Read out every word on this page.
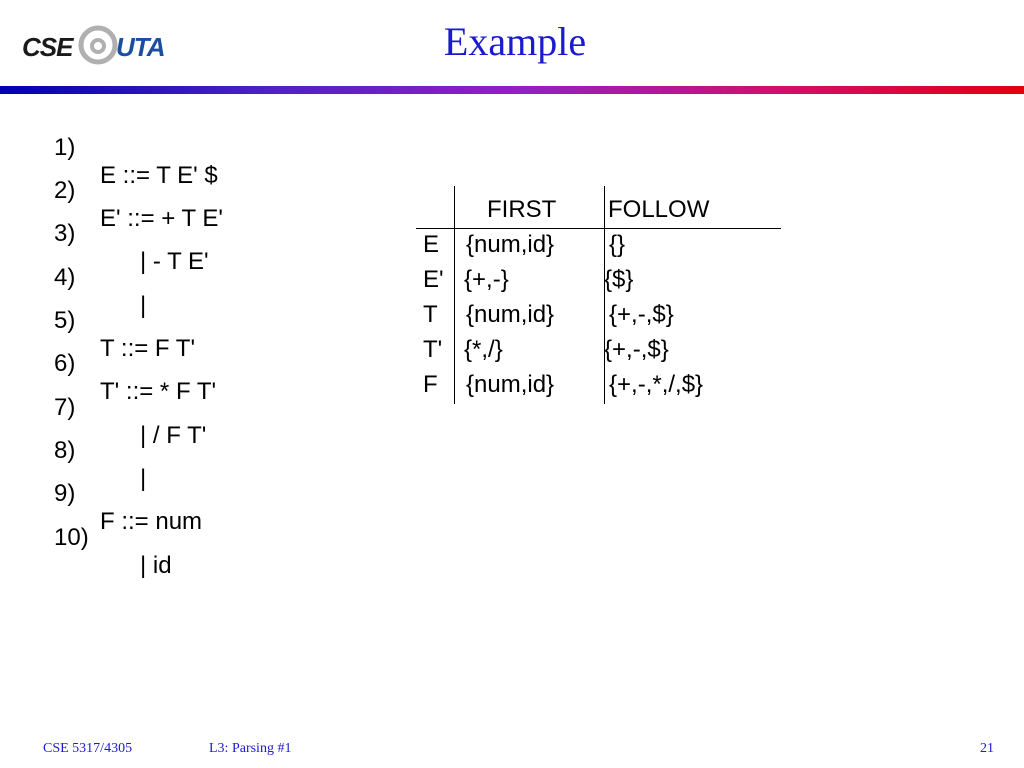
CSE UTA	Example

1)

E ::= T E' $

2)

E' ::= + T E'

3)

| - T E'

4)

|

5)

T ::= F T'

6)

T' ::= * F T'

7)

| / F T'

8)

|

9)

F ::= num

10)

| id

FIRST FOLLOW
E {num,id} {}
E' {+,-}	{$}
T {num,id} {+,-,$}
T' {*,/}	{+,-,$}
F {num,id} {+,-,*,/,$}
CSE 5317/4305	L3: Parsing #1	21
